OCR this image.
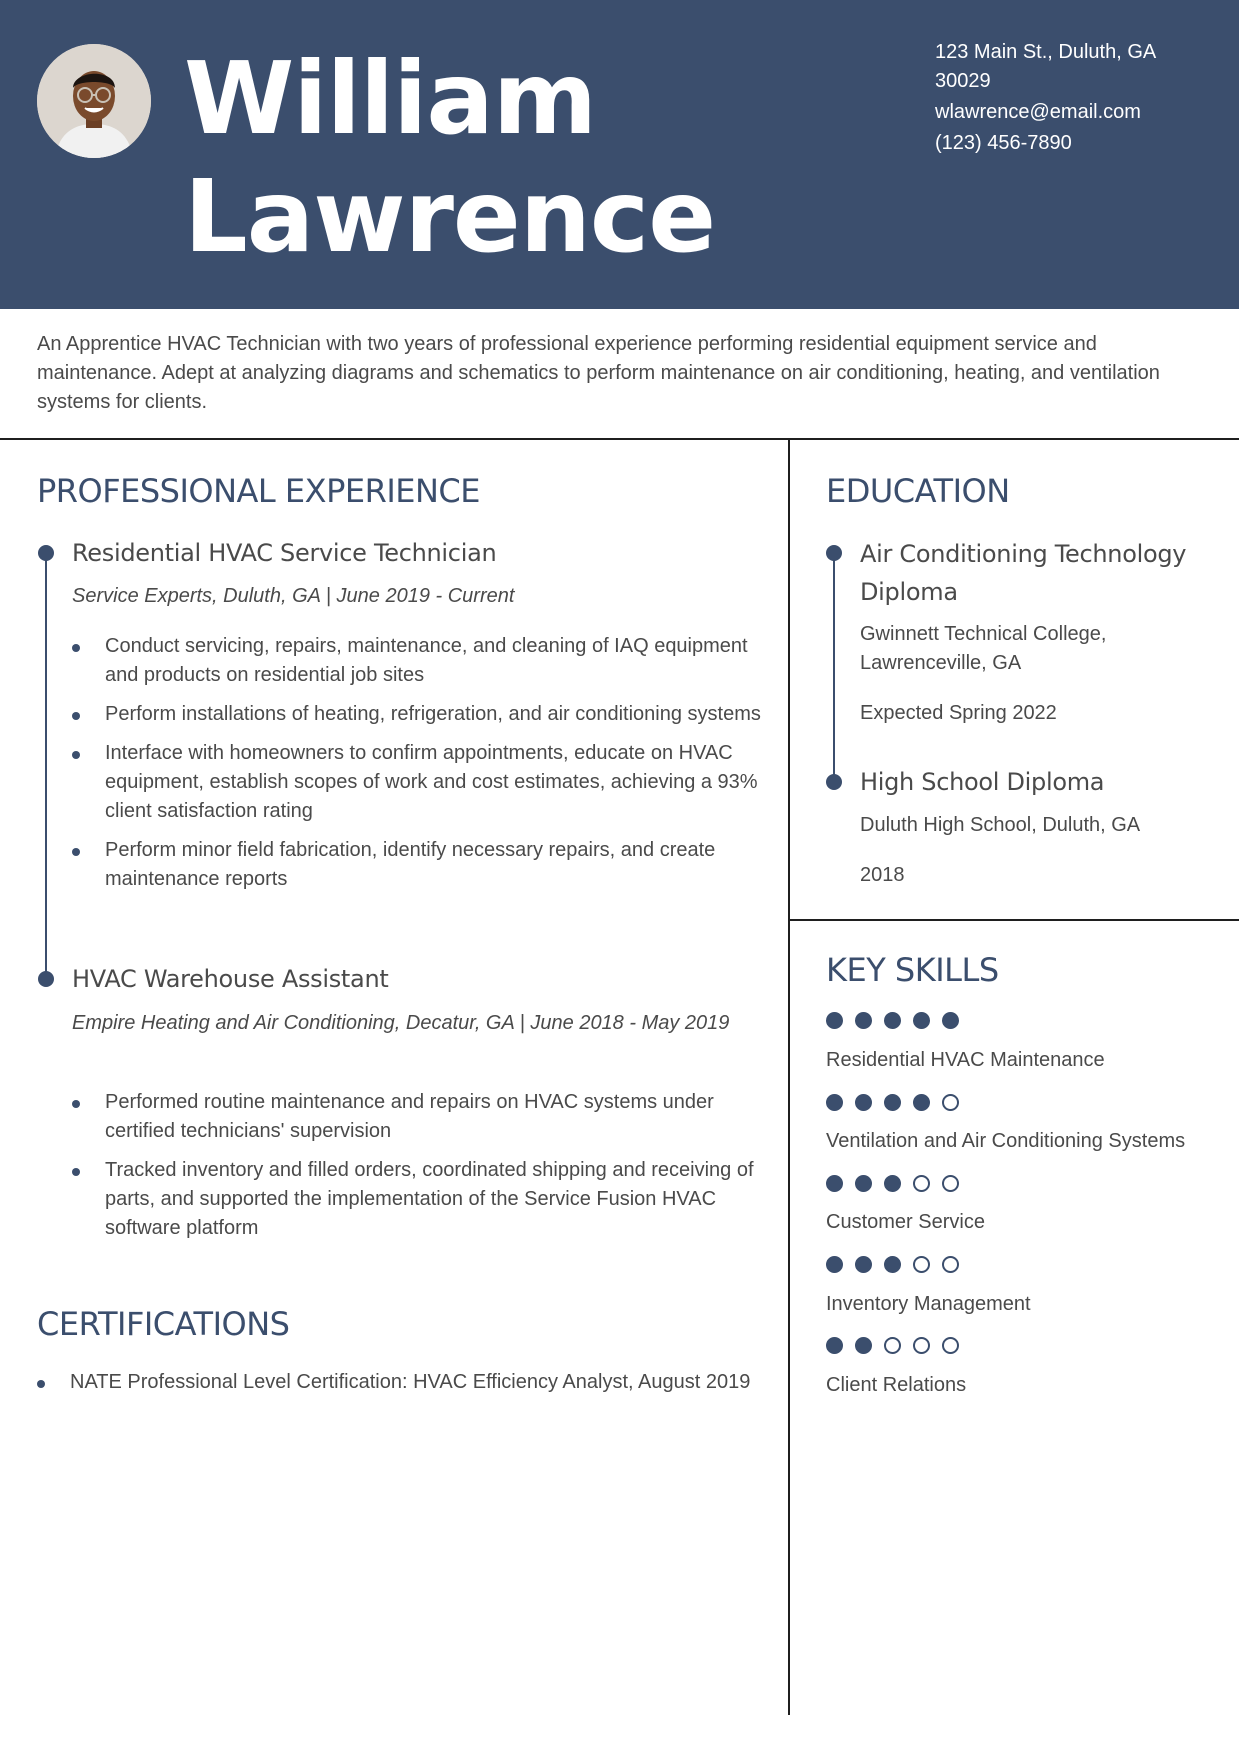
William
Lawrence
123 Main St., Duluth, GA
30029
wlawrence@email.com
(123) 456-7890
An Apprentice HVAC Technician with two years of professional experience performing residential equipment service and maintenance. Adept at analyzing diagrams and schematics to perform maintenance on air conditioning, heating, and ventilation systems for clients.
PROFESSIONAL EXPERIENCE
Residential HVAC Service Technician
Service Experts, Duluth, GA | June 2019 - Current
Conduct servicing, repairs, maintenance, and cleaning of IAQ equipment and products on residential job sites
Perform installations of heating, refrigeration, and air conditioning systems
Interface with homeowners to confirm appointments, educate on HVAC equipment, establish scopes of work and cost estimates, achieving a 93% client satisfaction rating
Perform minor field fabrication, identify necessary repairs, and create maintenance reports
HVAC Warehouse Assistant
Empire Heating and Air Conditioning, Decatur, GA | June 2018 - May 2019
Performed routine maintenance and repairs on HVAC systems under certified technicians' supervision
Tracked inventory and filled orders, coordinated shipping and receiving of parts, and supported the implementation of the Service Fusion HVAC software platform
CERTIFICATIONS
NATE Professional Level Certification: HVAC Efficiency Analyst, August 2019
EDUCATION
Air Conditioning Technology Diploma
Gwinnett Technical College, Lawrenceville, GA
Expected Spring 2022
High School Diploma
Duluth High School, Duluth, GA
2018
KEY SKILLS
Residential HVAC Maintenance
Ventilation and Air Conditioning Systems
Customer Service
Inventory Management
Client Relations
